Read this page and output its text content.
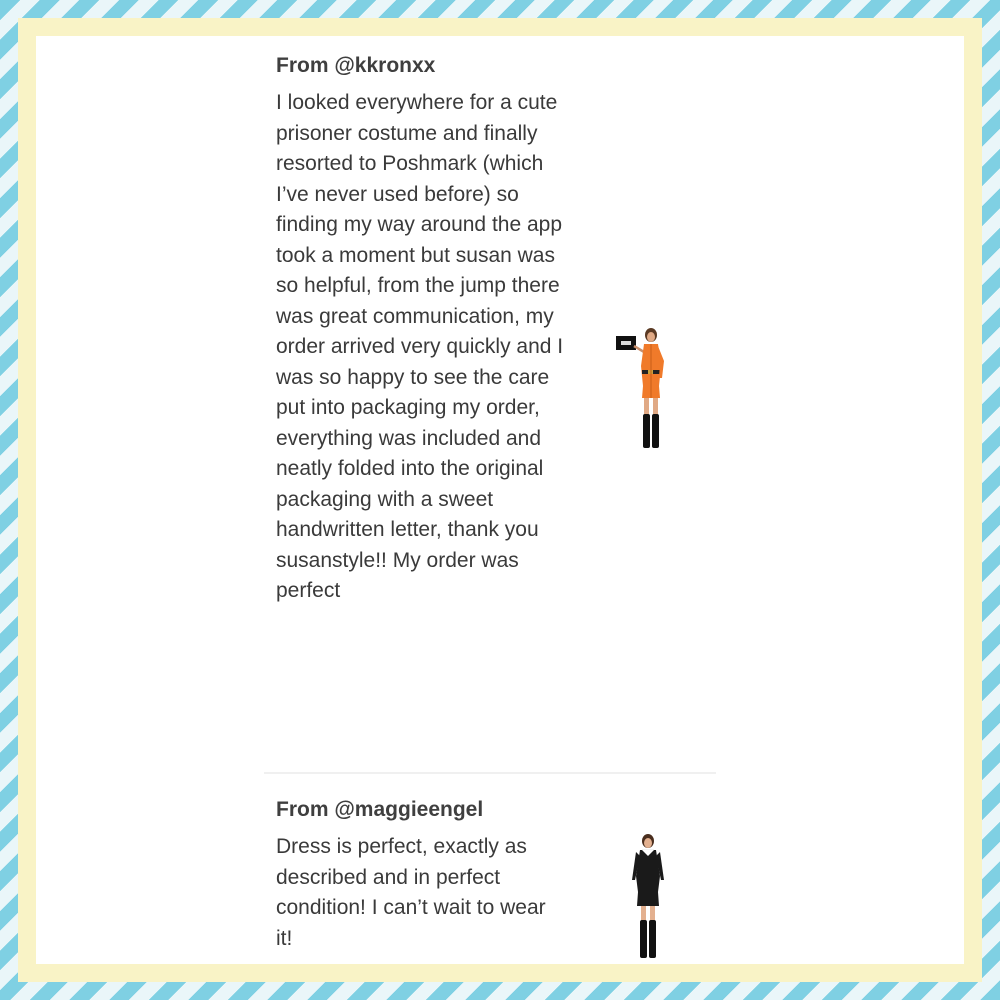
From @kkronxx

I looked everywhere for a cute prisoner costume and finally resorted to Poshmark (which I’ve never used before) so finding my way around the app took a moment but susan was so helpful, from the jump there was great communication, my order arrived very quickly and I was so happy to see the care put into packaging my order, everything was included and neatly folded into the original packaging with a sweet handwritten letter, thank you susanstyle!! My order was perfect

From @maggieengel

Dress is perfect, exactly as described and in perfect condition! I can’t wait to wear it!
